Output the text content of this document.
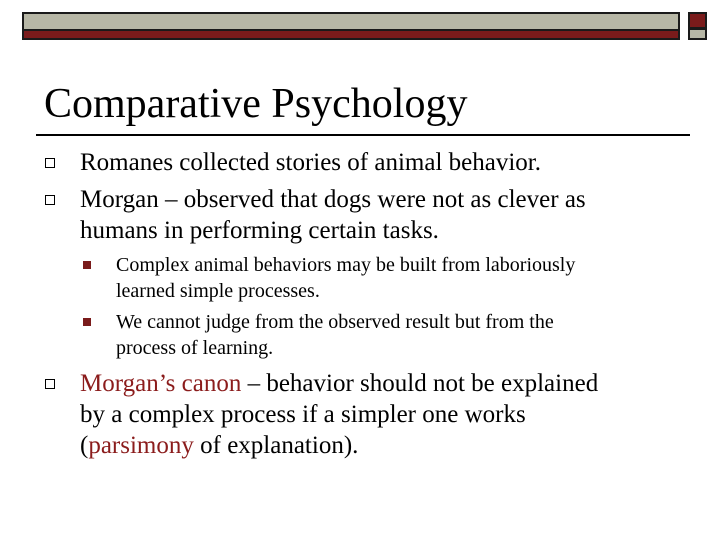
Comparative Psychology
Romanes collected stories of animal behavior.
Morgan – observed that dogs were not as clever as
humans in performing certain tasks.
Complex animal behaviors may be built from laboriously
learned simple processes.
We cannot judge from the observed result but from the
process of learning.
Morgan’s canon – behavior should not be explained
by a complex process if a simpler one works
(parsimony of explanation).
